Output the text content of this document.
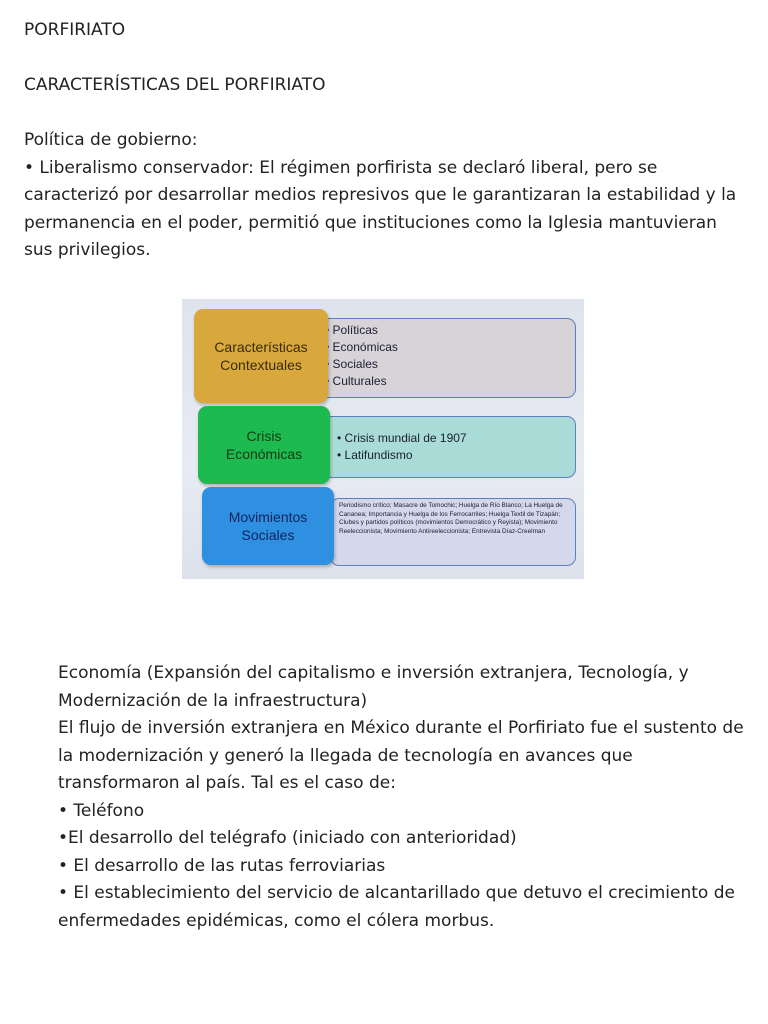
PORFIRIATO

CARACTERÍSTICAS DEL PORFIRIATO

Política de gobierno:

• Liberalismo conservador: El régimen porfirista se declaró liberal, pero se caracterizó por desarrollar medios represivos que le garantizaran la estabilidad y la permanencia en el poder, permitió que instituciones como la Iglesia mantuvieran sus privilegios.

• Políticas
• Económicas
• Sociales
• Culturales
Características
Contextuales
• Crisis mundial de 1907
• Latifundismo
Crisis
Económicas

Periodismo crítico; Masacre de Tomochic; Huelga de Río Blanco; La Huelga de Cananea; Importancia y Huelga de los Ferrocarriles; Huelga Textil de Tizapán; Clubes y partidos políticos (movimientos Democrático y Reyista); Movimiento Reeleccionista; Movimiento Antireeleccionista; Entrevista Díaz-Creelman

Movimientos
Sociales

Economía (Expansión del capitalismo e inversión extranjera, Tecnología, y Modernización de la infraestructura)

El flujo de inversión extranjera en México durante el Porfiriato fue el sustento de la modernización y generó la llegada de tecnología en avances que transformaron al país. Tal es el caso de:

• Teléfono

•El desarrollo del telégrafo (iniciado con anterioridad)

• El desarrollo de las rutas ferroviarias

• El establecimiento del servicio de alcantarillado que detuvo el crecimiento de enfermedades epidémicas, como el cólera morbus.
